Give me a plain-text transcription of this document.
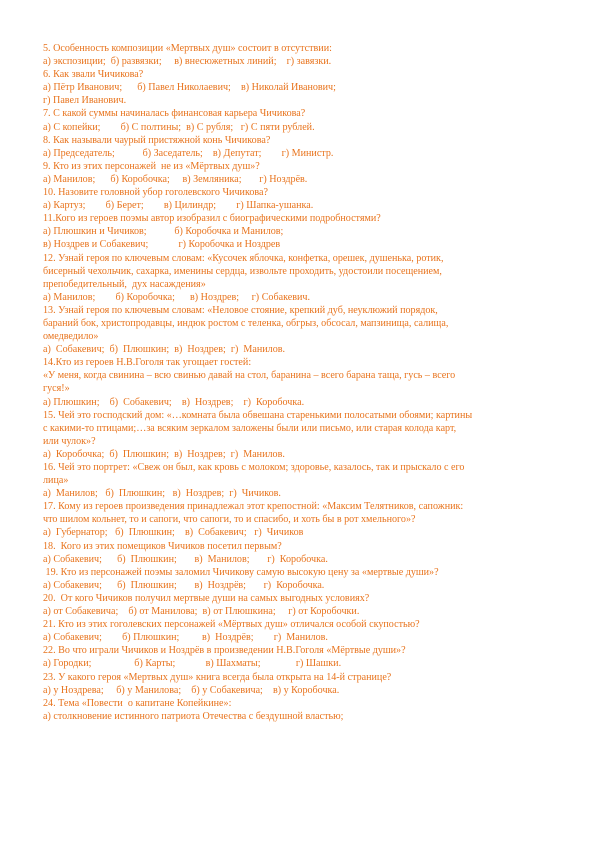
5. Особенность композиции «Мертвых душ» состоит в отсутствии:
а) экспозиции;  б) развязки;     в) внесюжетных линий;    г) завязки.
6. Как звали Чичикова?
а) Пётр Иванович;      б) Павел Николаевич;    в) Николай Иванович;
г) Павел Иванович.
7. С какой суммы начиналась финансовая карьера Чичикова?
а) С копейки;        б) С полтины;  в) С рубля;   г) С пяти рублей.
8. Как называли чаурый пристяжной конь Чичикова?
а) Председатель;           б) Заседатель;    в) Депутат;        г) Министр.
9. Кто из этих персонажей  не из «Мёртвых душ»?
а) Манилов;      б) Коробочка;     в) Земляника;       г) Ноздрёв.
10. Назовите головной убор гоголевского Чичикова?
а) Картуз;        б) Берет;        в) Цилиндр;        г) Шапка-ушанка.
11.Кого из героев поэмы автор изобразил с биографическими подробностями?
а) Плюшкин и Чичиков;           б) Коробочка и Манилов;
в) Ноздрев и Собакевич;            г) Коробочка и Ноздрев
12. Узнай героя по ключевым словам: «Кусочек яблочка, конфетка, орешек, душенька, ротик,
бисерный чехольчик, сахарка, именины сердца, извольте проходить, удостоили посещением,
препобедительный,  дух насаждения»
а) Манилов;        б) Коробочка;      в) Ноздрев;     г) Собакевич.
13. Узнай героя по ключевым словам: «Неловое стояние, крепкий дуб, неуклюжий порядок,
бараний бок, христопродавцы, индюк ростом с теленка, обгрыз, обсосал, мапзинища, салища,
омедведило»
а)  Собакевич;  б)  Плюшкин;  в)  Ноздрев;  г)  Манилов.
14.Кто из героев Н.В.Гоголя так угощает гостей:
«У меня, когда свинина – всю свинью давай на стол, баранина – всего барана таща, гусь – всего
гуся!»
а) Плюшкин;    б)  Собакевич;    в)  Ноздрев;    г)  Коробочка.
15. Чей это господский дом: «…комната была обвешана старенькими полосатыми обоями; картины
с какими-то птицами;…за всяким зеркалом заложены были или письмо, или старая колода карт,
или чулок»?
а)  Коробочка;  б)  Плюшкин;  в)  Ноздрев;  г)  Манилов.
16. Чей это портрет: «Свеж он был, как кровь с молоком; здоровье, казалось, так и прыскало с его
лица»
а)  Манилов;   б)  Плюшкин;   в)  Ноздрев;  г)  Чичиков.
17. Кому из героев произведения принадлежал этот крепостной: «Максим Телятников, сапожник:
что шилом кольнет, то и сапоги, что сапоги, то и спасибо, и хоть бы в рот хмельного»?
а)  Губернатор;   б)  Плюшкин;    в)  Собакевич;   г)  Чичиков
18.  Кого из этих помещиков Чичиков посетил первым?
а) Собакевич;      б)  Плюшкин;       в)  Манилов;       г)  Коробочка.
19. Кто из персонажей поэмы заломил Чичикову самую высокую цену за «мертвые души»?
а) Собакевич;      б)  Плюшкин;       в)  Ноздрёв;       г)  Коробочка.
20.  От кого Чичиков получил мертвые души на самых выгодных условиях?
а) от Собакевича;    б) от Манилова;  в) от Плюшкина;     г) от Коробочки.
21. Кто из этих гоголевских персонажей «Мёртвых душ» отличался особой скупостью?
а) Собакевич;        б) Плюшкин;         в)  Ноздрёв;        г)  Манилов.
22. Во что играли Чичиков и Ноздрёв в произведении Н.В.Гоголя «Мёртвые души»?
а) Городки;                 б) Карты;            в) Шахматы;              г) Шашки.
23. У какого героя «Мертвых душ» книга всегда была открыта на 14-й странице?
а) у Ноздрева;     б) у Манилова;    б) у Собакевича;    в) у Коробочка.
24. Тема «Повести  о капитане Копейкине»:
а) столкновение истинного патриота Отечества с бездушной властью;
